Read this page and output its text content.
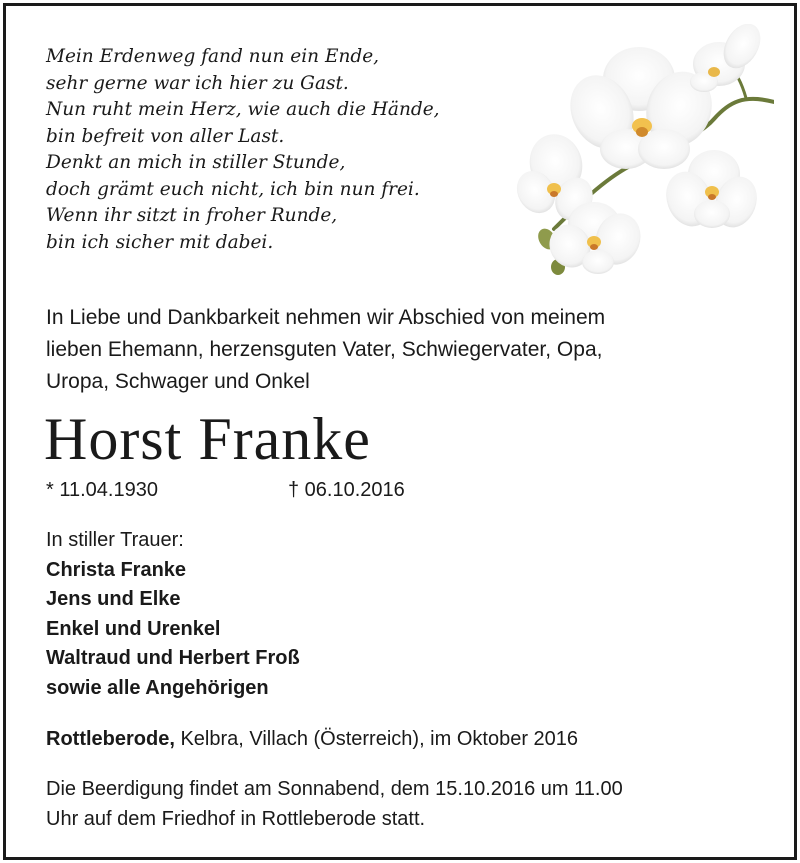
Mein Erdenweg fand nun ein Ende,
sehr gerne war ich hier zu Gast.
Nun ruht mein Herz, wie auch die Hände,
bin befreit von aller Last.
Denkt an mich in stiller Stunde,
doch grämt euch nicht, ich bin nun frei.
Wenn ihr sitzt in froher Runde,
bin ich sicher mit dabei.
In Liebe und Dankbarkeit nehmen wir Abschied von meinem
lieben Ehemann, herzensguten Vater, Schwiegervater, Opa,
Uropa, Schwager und Onkel
Horst Franke
* 11.04.1930	† 06.10.2016
In stiller Trauer:
Christa Franke
Jens und Elke
Enkel und Urenkel
Waltraud und Herbert Froß
sowie alle Angehörigen
Rottleberode, Kelbra, Villach (Österreich), im Oktober 2016
Die Beerdigung findet am Sonnabend, dem 15.10.2016 um 11.00
Uhr auf dem Friedhof in Rottleberode statt.
